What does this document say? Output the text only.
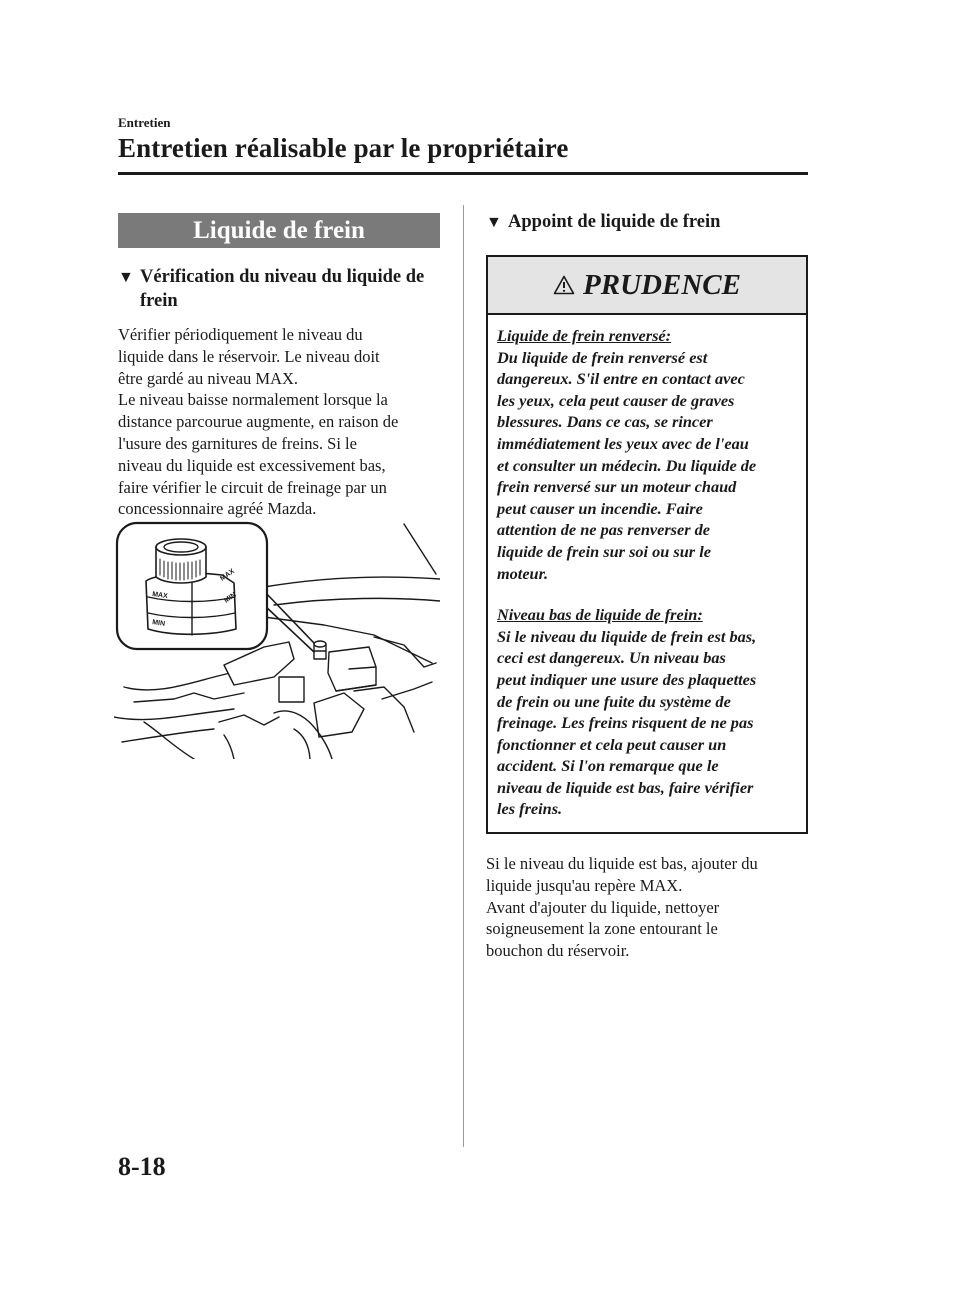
Entretien
Entretien réalisable par le propriétaire
Liquide de frein
▼ Vérification du niveau du liquide de frein
Vérifier périodiquement le niveau du
liquide dans le réservoir. Le niveau doit
être gardé au niveau MAX.
Le niveau baisse normalement lorsque la
distance parcourue augmente, en raison de
l'usure des garnitures de freins. Si le
niveau du liquide est excessivement bas,
faire vérifier le circuit de freinage par un
concessionnaire agréé Mazda.
MAX
MIN
MAX
MIN
▼ Appoint de liquide de frein
PRUDENCE
Liquide de frein renversé:
Du liquide de frein renversé est
dangereux. S'il entre en contact avec
les yeux, cela peut causer de graves
blessures. Dans ce cas, se rincer
immédiatement les yeux avec de l'eau
et consulter un médecin. Du liquide de
frein renversé sur un moteur chaud
peut causer un incendie. Faire
attention de ne pas renverser de
liquide de frein sur soi ou sur le
moteur.
Niveau bas de liquide de frein:
Si le niveau du liquide de frein est bas,
ceci est dangereux. Un niveau bas
peut indiquer une usure des plaquettes
de frein ou une fuite du système de
freinage. Les freins risquent de ne pas
fonctionner et cela peut causer un
accident. Si l'on remarque que le
niveau de liquide est bas, faire vérifier
les freins.
Si le niveau du liquide est bas, ajouter du
liquide jusqu'au repère MAX.
Avant d'ajouter du liquide, nettoyer
soigneusement la zone entourant le
bouchon du réservoir.
8-18
